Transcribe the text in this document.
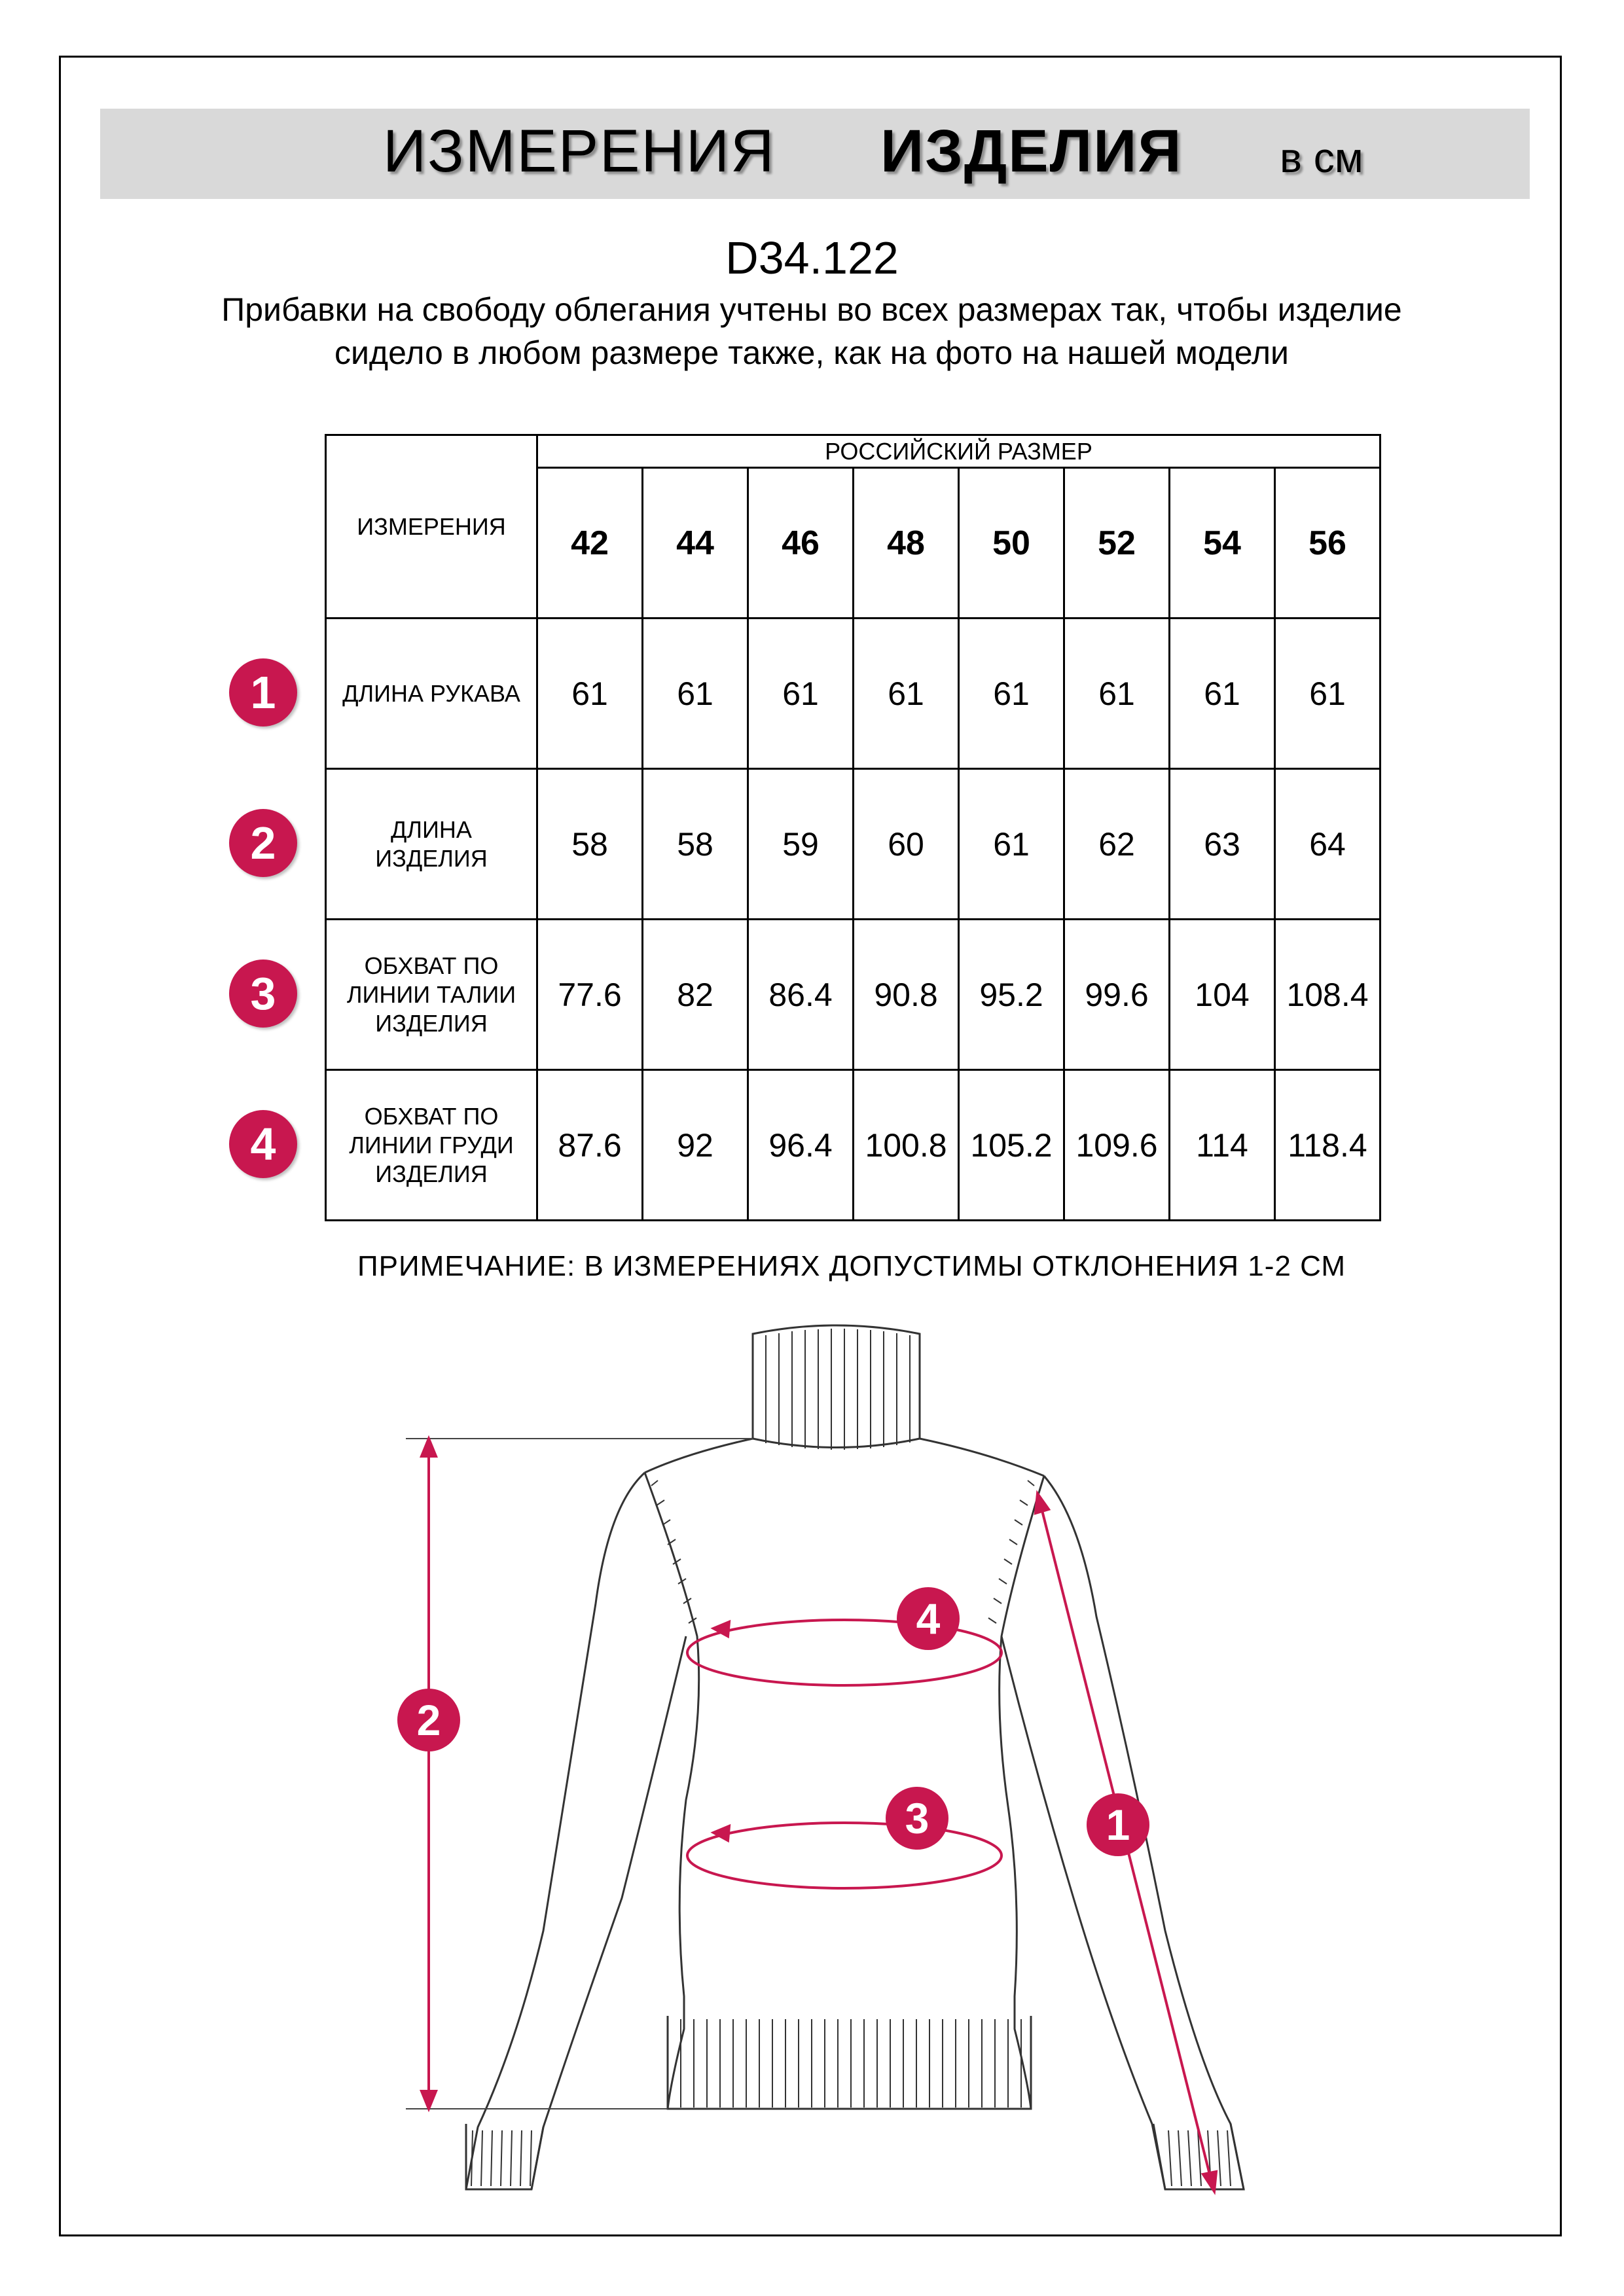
ИЗМЕРЕНИЯ ИЗДЕЛИЯ в см
D34.122
Прибавки на свободу облегания учтены во всех размерах так, чтобы изделие сидело в любом размере также, как на фото на нашей модели
ИЗМЕРЕНИЯ	РОССИЙСКИЙ РАЗМЕР							
	42	44	46	48	50	52	54	56

ДЛИНА РУКАВА	61	61	61	61	61	61	61	61

ДЛИНА
ИЗДЕЛИЯ	58	58	59	60	61	62	63	64

ОБХВАТ ПО
ЛИНИИ ТАЛИИ
ИЗДЕЛИЯ	77.6	82	86.4	90.8	95.2	99.6	104	108.4

ОБХВАТ ПО
ЛИНИИ ГРУДИ
ИЗДЕЛИЯ	87.6	92	96.4	100.8	105.2	109.6	114	118.4
1
2
3
4
ПРИМЕЧАНИЕ: В ИЗМЕРЕНИЯХ ДОПУСТИМЫ ОТКЛОНЕНИЯ 1-2 СМ
2
4
3	1
